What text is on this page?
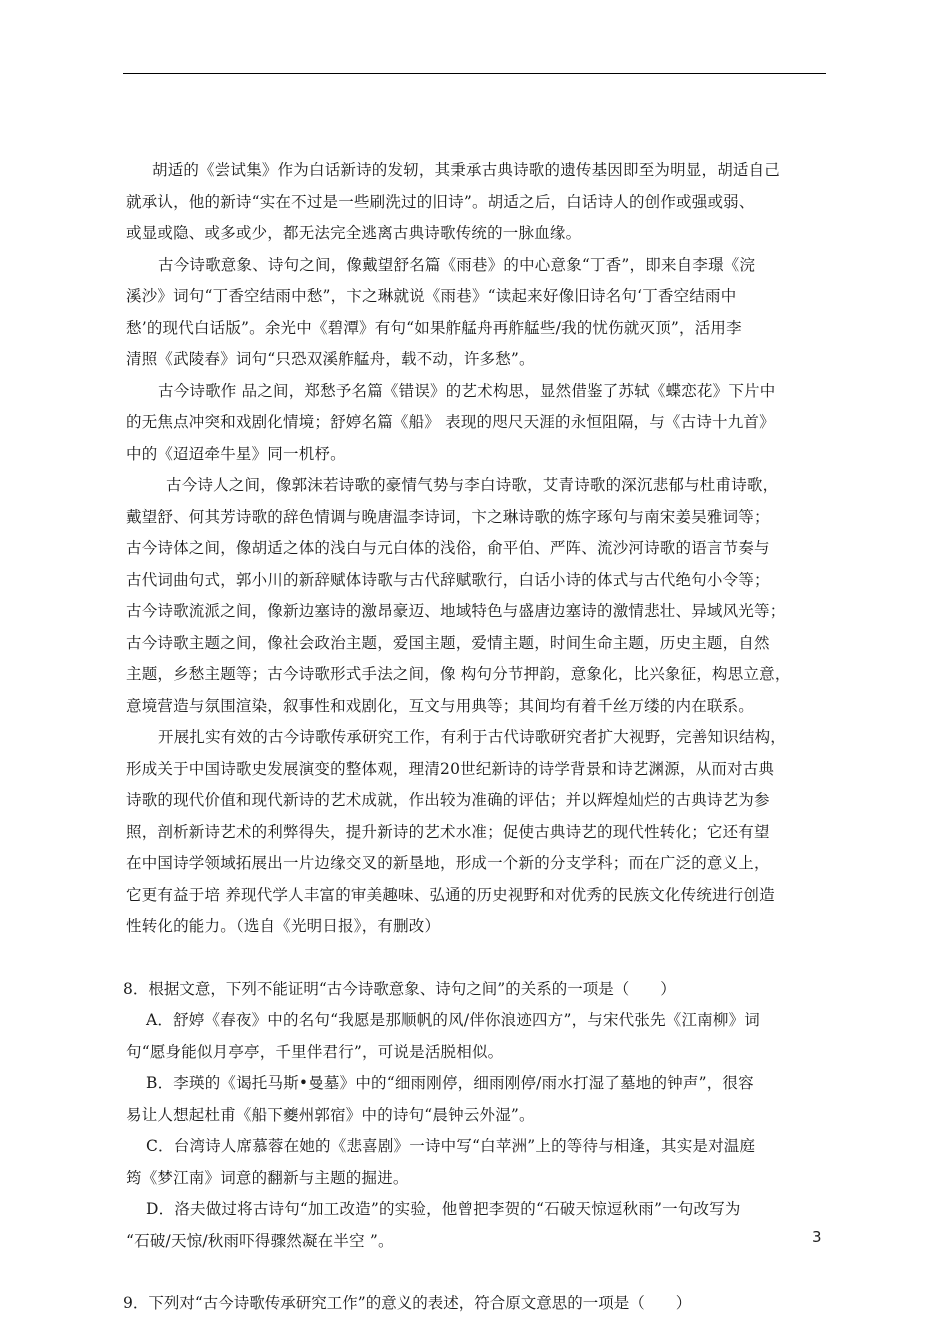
胡适的《尝试集》作为白话新诗的发轫，其秉承古典诗歌的遗传基因即至为明显，胡适自己
就承认，他的新诗“实在不过是一些刷洗过的旧诗”。胡适之后，白话诗人的创作或强或弱、
或显或隐、或多或少，都无法完全逃离古典诗歌传统的一脉血缘。
古今诗歌意象、诗句之间，像戴望舒名篇《雨巷》的中心意象“丁香”，即来自李璟《浣
溪沙》词句“丁香空结雨中愁”，卞之琳就说《雨巷》“读起来好像旧诗名句‘丁香空结雨中
愁’的现代白话版”。余光中《碧潭》有句“如果舴艋舟再舴艋些/我的忧伤就灭顶”，活用李
清照《武陵春》词句“只恐双溪舴艋舟，载不动，许多愁”。
古今诗歌作 品之间，郑愁予名篇《错误》的艺术构思，显然借鉴了苏轼《蝶恋花》下片中
的无焦点冲突和戏剧化情境；舒婷名篇《船》 表现的咫尺天涯的永恒阻隔，与《古诗十九首》
中的《迢迢牵牛星》同一机杼。
古今诗人之间，像郭沫若诗歌的豪情气势与李白诗歌，艾青诗歌的深沉悲郁与杜甫诗歌，
戴望舒、何其芳诗歌的辞色情调与晚唐温李诗词，卞之琳诗歌的炼字琢句与南宋姜吴雅词等；
古今诗体之间，像胡适之体的浅白与元白体的浅俗，俞平伯、严阵、流沙河诗歌的语言节奏与
古代词曲句式，郭小川的新辞赋体诗歌与古代辞赋歌行，白话小诗的体式与古代绝句小令等；
古今诗歌流派之间，像新边塞诗的激昂豪迈、地域特色与盛唐边塞诗的激情悲壮、异域风光等；
古今诗歌主题之间，像社会政治主题，爱国主题，爱情主题，时间生命主题，历史主题，自然
主题，乡愁主题等；古今诗歌形式手法之间，像 构句分节押韵，意象化，比兴象征，构思立意，
意境营造与氛围渲染，叙事性和戏剧化，互文与用典等；其间均有着千丝万缕的内在联系。
开展扎实有效的古今诗歌传承研究工作，有利于古代诗歌研究者扩大视野，完善知识结构，
形成关于中国诗歌史发展演变的整体观，理清20世纪新诗的诗学背景和诗艺渊源，从而对古典
诗歌的现代价值和现代新诗的艺术成就，作出较为准确的评估；并以辉煌灿烂的古典诗艺为参
照，剖析新诗艺术的利弊得失，提升新诗的艺术水准；促使古典诗艺的现代性转化；它还有望
在中国诗学领域拓展出一片边缘交叉的新垦地，形成一个新的分支学科；而在广泛的意义上，
它更有益于培 养现代学人丰富的审美趣味、弘通的历史视野和对优秀的民族文化传统进行创造
性转化的能力。（选自《光明日报》，有删改）
8．根据文意，下列不能证明“古今诗歌意象、诗句之间”的关系的一项是（　　）
A．舒婷《春夜》中的名句“我愿是那顺帆的风/伴你浪迹四方”，与宋代张先《江南柳》词
句“愿身能似月亭亭，千里伴君行”，可说是活脱相似。
B．李瑛的《谒托马斯•曼墓》中的“细雨刚停，细雨刚停/雨水打湿了墓地的钟声”，很容
易让人想起杜甫《船下夔州郭宿》中的诗句“晨钟云外湿”。
C．台湾诗人席慕蓉在她的《悲喜剧》一诗中写“白苹洲”上的等待与相逢，其实是对温庭
筠《梦江南》词意的翻新与主题的掘进。
D．洛夫做过将古诗句“加工改造”的实验，他曾把李贺的“石破天惊逗秋雨”一句改写为
“石破/天惊/秋雨吓得骤然凝在半空 ”。
9．下列对“古今诗歌传承研究工作”的意义的表述，符合原文意思的一项是（　　）
3
